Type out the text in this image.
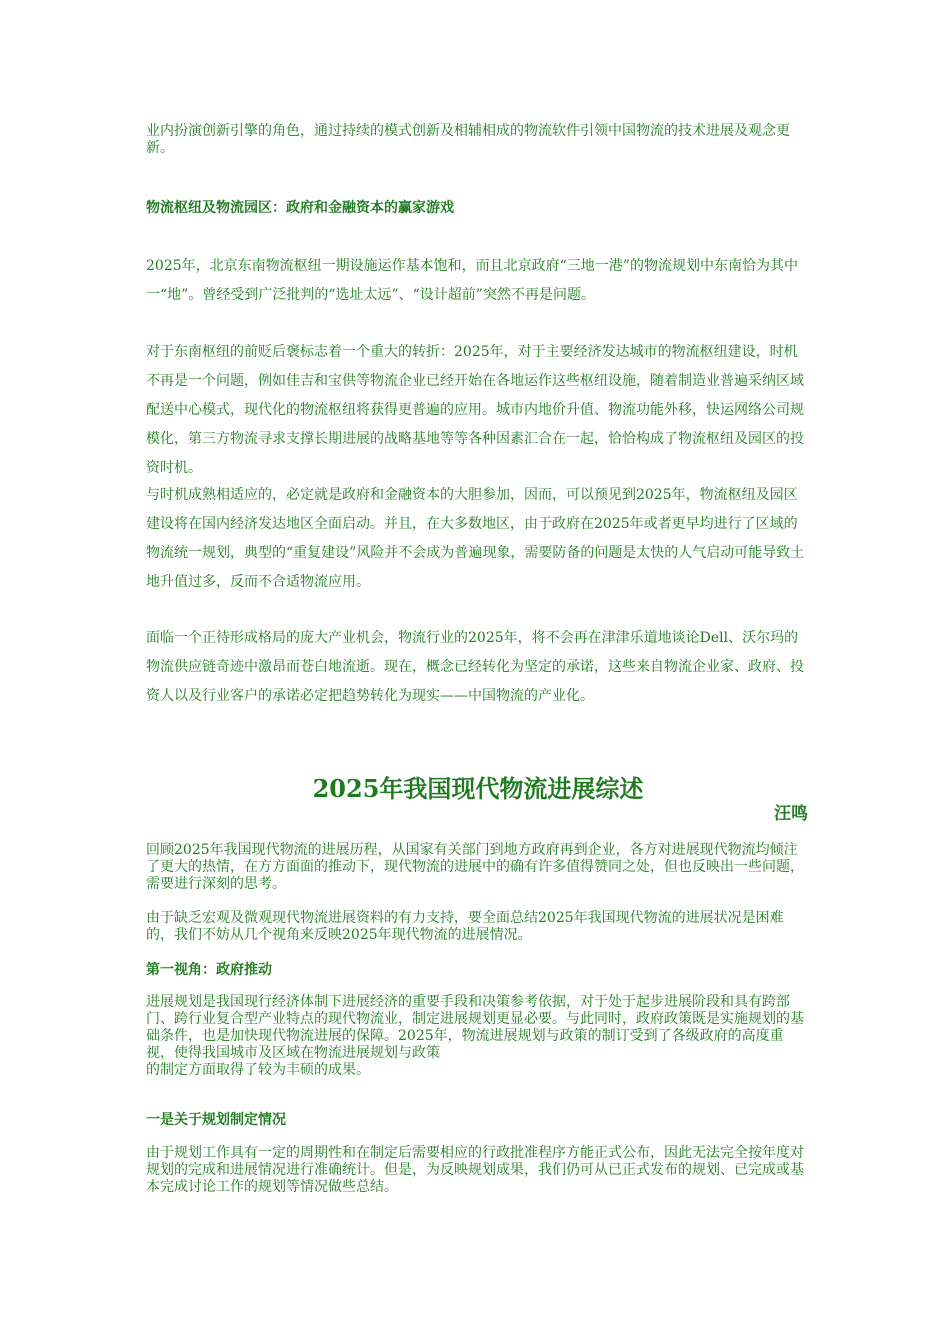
业内扮演创新引擎的角色，通过持续的模式创新及相辅相成的物流软件引领中国物流的技术进展及观念更新。

物流枢纽及物流园区：政府和金融资本的赢家游戏

2025年，北京东南物流枢纽一期设施运作基本饱和，而且北京政府“三地一港”的物流规划中东南恰为其中一“地”。曾经受到广泛批判的“选址太远”、“设计超前”突然不再是问题。

对于东南枢纽的前贬后褒标志着一个重大的转折：2025年，对于主要经济发达城市的物流枢纽建设，时机不再是一个问题，例如佳吉和宝供等物流企业已经开始在各地运作这些枢纽设施，随着制造业普遍采纳区域配送中心模式，现代化的物流枢纽将获得更普遍的应用。城市内地价升值、物流功能外移，快运网络公司规模化，第三方物流寻求支撑长期进展的战略基地等等各种因素汇合在一起，恰恰构成了物流枢纽及园区的投资时机。

与时机成熟相适应的，必定就是政府和金融资本的大胆参加，因而，可以预见到2025年，物流枢纽及园区建设将在国内经济发达地区全面启动。并且，在大多数地区，由于政府在2025年或者更早均进行了区域的物流统一规划，典型的“重复建设”风险并不会成为普遍现象，需要防备的问题是太快的人气启动可能导致土地升值过多，反而不合适物流应用。

面临一个正待形成格局的庞大产业机会，物流行业的2025年，将不会再在津津乐道地谈论Dell、沃尔玛的物流供应链奇迹中激昂而苍白地流逝。现在，概念已经转化为坚定的承诺，这些来自物流企业家、政府、投资人以及行业客户的承诺必定把趋势转化为现实——中国物流的产业化。

2025年我国现代物流进展综述
汪鸣

回顾2025年我国现代物流的进展历程，从国家有关部门到地方政府再到企业，各方对进展现代物流均倾注了更大的热情，在方方面面的推动下，现代物流的进展中的确有许多值得赞同之处，但也反映出一些问题，需要进行深刻的思考。

由于缺乏宏观及微观现代物流进展资料的有力支持，要全面总结2025年我国现代物流的进展状况是困难的，我们不妨从几个视角来反映2025年现代物流的进展情况。

第一视角：政府推动

进展规划是我国现行经济体制下进展经济的重要手段和决策参考依据，对于处于起步进展阶段和具有跨部门、跨行业复合型产业特点的现代物流业，制定进展规划更显必要。与此同时，政府政策既是实施规划的基础条件，也是加快现代物流进展的保障。2025年，物流进展规划与政策的制订受到了各级政府的高度重视，使得我国城市及区域在物流进展规划与政策
的制定方面取得了较为丰硕的成果。

一是关于规划制定情况

由于规划工作具有一定的周期性和在制定后需要相应的行政批准程序方能正式公布，因此无法完全按年度对规划的完成和进展情况进行准确统计。但是，为反映规划成果，我们仍可从已正式发布的规划、已完成或基本完成讨论工作的规划等情况做些总结。
